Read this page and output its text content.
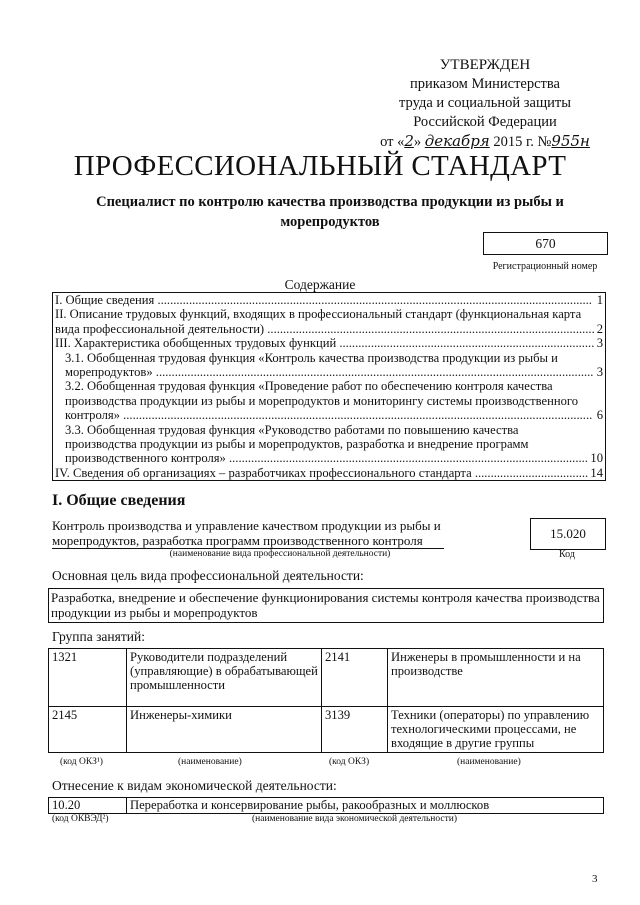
УТВЕРЖДЕН
приказом Министерства
труда и социальной защиты
Российской Федерации
от «2» декабря 2015 г. №955н
ПРОФЕССИОНАЛЬНЫЙ СТАНДАРТ
Специалист по контролю качества производства продукции из рыбы и морепродуктов
670
Регистрационный номер
Содержание
I. Общие сведения .......................................................................................................................................... 1
II. Описание трудовых функций, входящих в профессиональный стандарт (функциональная карта вида профессиональной деятельности) ........................................................................................................ 2
III. Характеристика обобщенных трудовых функций ................................................................................. 3
3.1. Обобщенная трудовая функция «Контроль качества производства продукции из рыбы и морепродуктов» ........................................................................................................................................... 3
3.2. Обобщенная трудовая функция «Проведение работ по обеспечению контроля качества производства продукции из рыбы и морепродуктов и мониторингу системы производственного контроля» ..................................................................................................................................................... 6
3.3. Обобщенная трудовая функция «Руководство работами по повышению качества производства продукции из рыбы и морепродуктов, разработка и внедрение программ производственного контроля» .................................................................................................................. 10
IV. Сведения об организациях – разработчиках профессионального стандарта .................................... 14
I. Общие сведения
Контроль производства и управление качеством продукции из рыбы и морепродуктов, разработка программ производственного контроля
(наименование вида профессиональной деятельности)
15.020
Код
Основная цель вида профессиональной деятельности:
Разработка, внедрение и обеспечение функционирования системы контроля качества производства продукции из рыбы и морепродуктов
Группа занятий:
1321	Руководители подразделений (управляющие) в обрабатывающей промышленности	2141	Инженеры в промышленности и на производстве
2145	Инженеры-химики	3139	Техники (операторы) по управлению технологическими процессами, не входящие в другие группы
(код ОКЗ¹)	(наименование)	(код ОКЗ)	(наименование)
Отнесение к видам экономической деятельности:
10.20	Переработка и консервирование рыбы, ракообразных и моллюсков
(код ОКВЭД²)	(наименование вида экономической деятельности)
3
